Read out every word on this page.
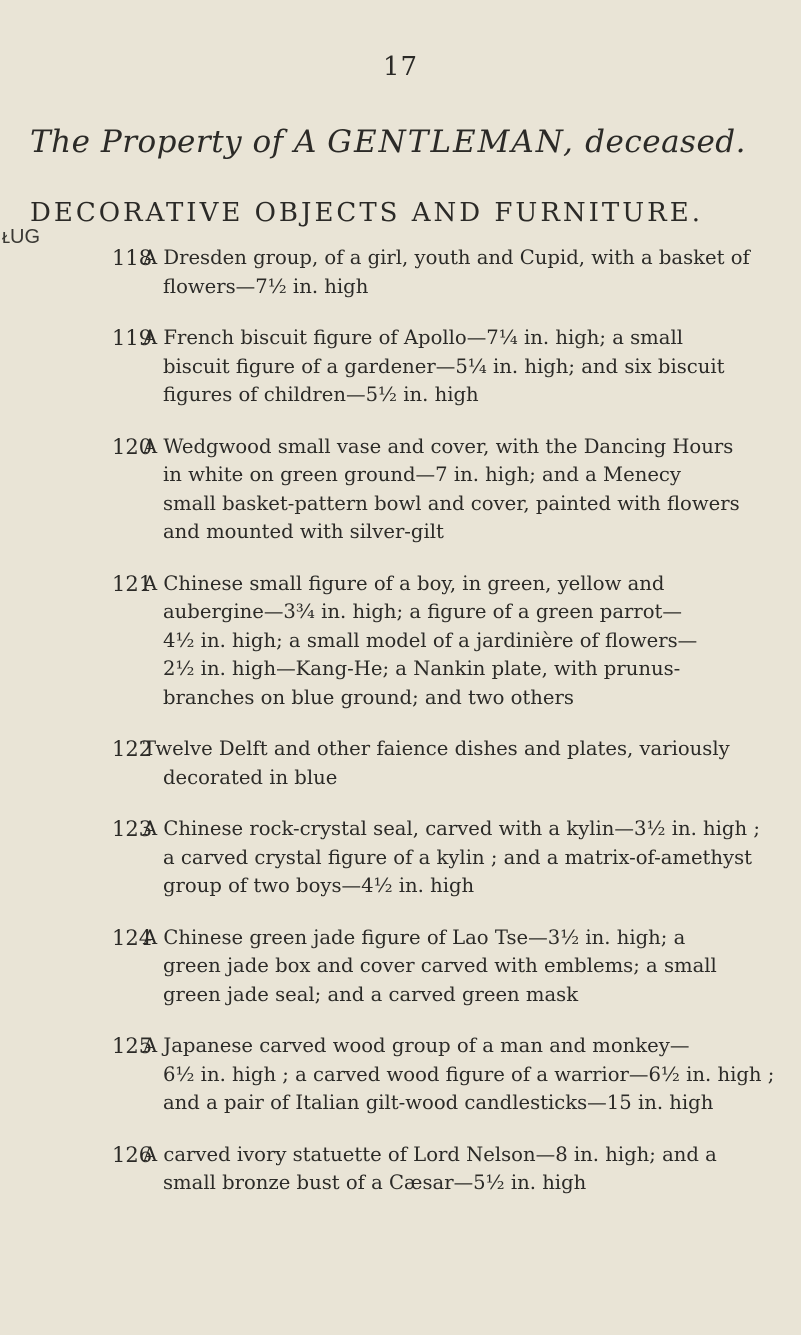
17
ᴌUG
The Property of A GENTLEMAN, deceased.
DECORATIVE OBJECTS AND FURNITURE.
118
A Dresden group, of a girl, youth and Cupid, with a basket of
flowers—7½ in. high
119
A French biscuit figure of Apollo—7¼ in. high; a small
biscuit figure of a gardener—5¼ in. high; and six biscuit
figures of children—5½ in. high
120
A Wedgwood small vase and cover, with the Dancing Hours
in white on green ground—7 in. high; and a Menecy
small basket-pattern bowl and cover, painted with flowers
and mounted with silver-gilt
121
A Chinese small figure of a boy, in green, yellow and
aubergine—3¾ in. high; a figure of a green parrot—
4½ in. high; a small model of a jardinière of flowers—
2½ in. high—Kang-He; a Nankin plate, with prunus-
branches on blue ground; and two others
122
Twelve Delft and other faience dishes and plates, variously
decorated in blue
123
A Chinese rock-crystal seal, carved with a kylin—3½ in. high ;
a carved crystal figure of a kylin ; and a matrix-of-amethyst
group of two boys—4½ in. high
124
A Chinese green jade figure of Lao Tse—3½ in. high; a
green jade box and cover carved with emblems; a small
green jade seal; and a carved green mask
125
A Japanese carved wood group of a man and monkey—
6½ in. high ; a carved wood figure of a warrior—6½ in. high ;
and a pair of Italian gilt-wood candlesticks—15 in. high
126
A carved ivory statuette of Lord Nelson—8 in. high; and a
small bronze bust of a Cæsar—5½ in. high
